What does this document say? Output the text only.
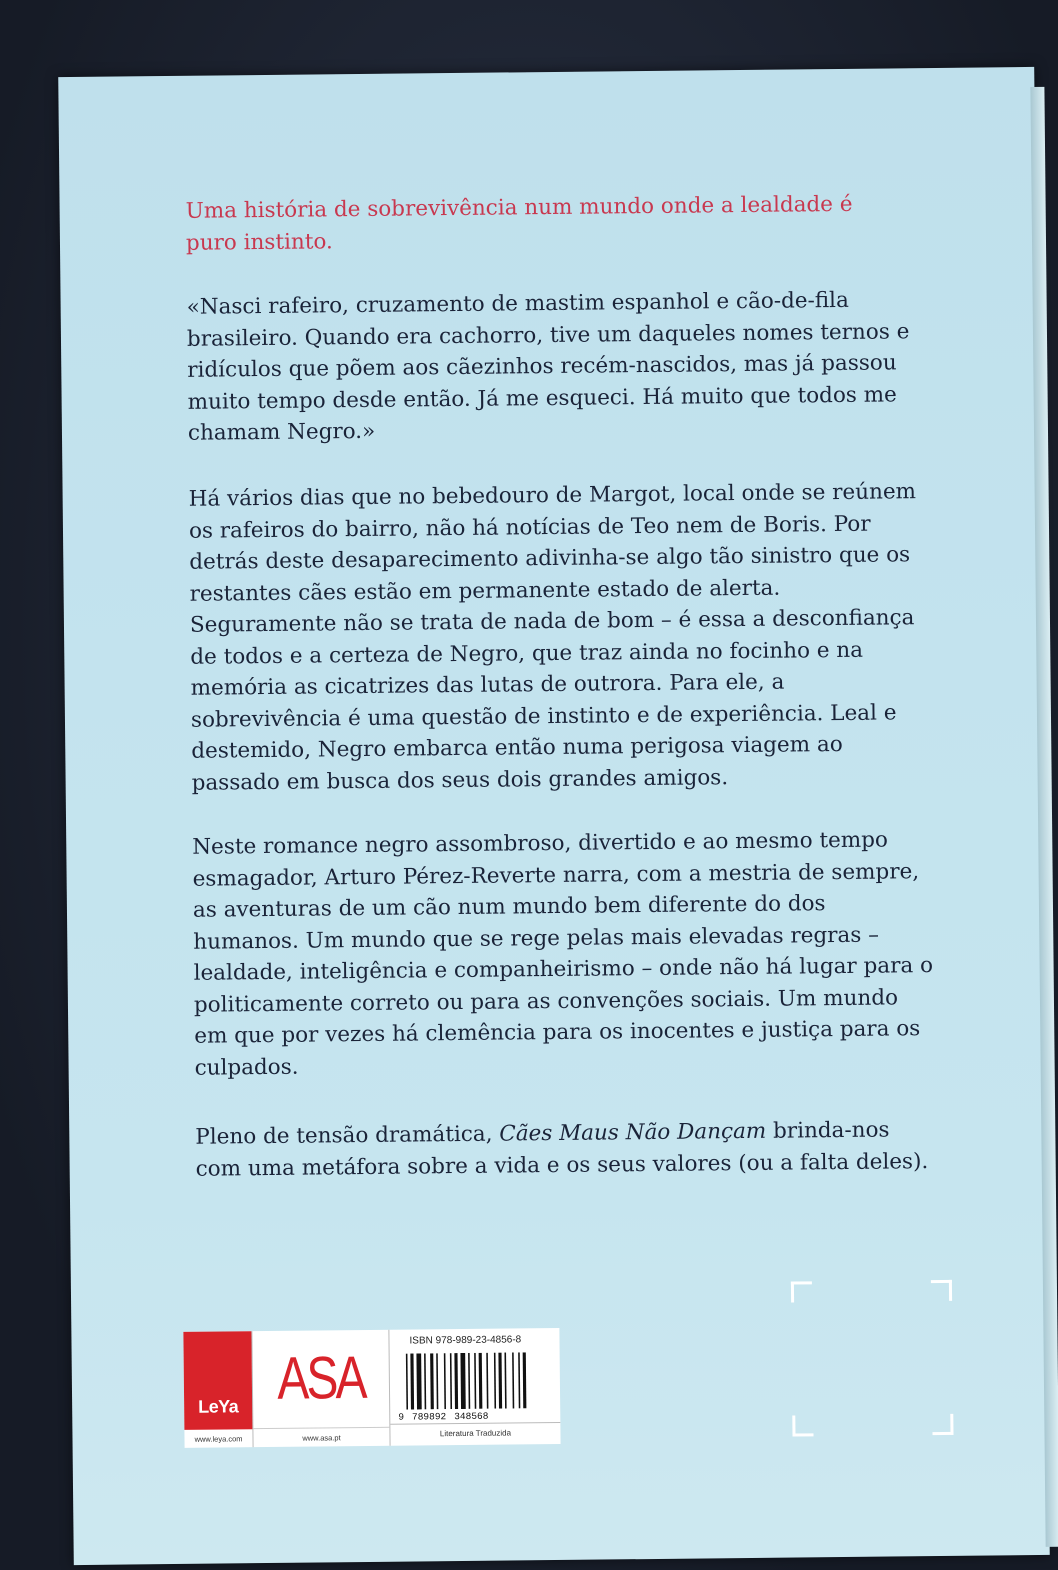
Uma história de sobrevivência num mundo onde a lealdade é puro instinto.

«Nasci rafeiro, cruzamento de mastim espanhol e cão-de-fila brasileiro. Quando era cachorro, tive um daqueles nomes ternos e ridículos que põem aos cãezinhos recém-nascidos, mas já passou muito tempo desde então. Já me esqueci. Há muito que todos me chamam Negro.»

Há vários dias que no bebedouro de Margot, local onde se reúnem os rafeiros do bairro, não há notícias de Teo nem de Boris. Por detrás deste desaparecimento adivinha-se algo tão sinistro que os restantes cães estão em permanente estado de alerta. Seguramente não se trata de nada de bom – é essa a desconfiança de todos e a certeza de Negro, que traz ainda no focinho e na memória as cicatrizes das lutas de outrora. Para ele, a sobrevivência é uma questão de instinto e de experiência. Leal e destemido, Negro embarca então numa perigosa viagem ao passado em busca dos seus dois grandes amigos.

Neste romance negro assombroso, divertido e ao mesmo tempo esmagador, Arturo Pérez-Reverte narra, com a mestria de sempre, as aventuras de um cão num mundo bem diferente do dos humanos. Um mundo que se rege pelas mais elevadas regras – lealdade, inteligência e companheirismo – onde não há lugar para o politicamente correto ou para as convenções sociais. Um mundo em que por vezes há clemência para os inocentes e justiça para os culpados.

Pleno de tensão dramática, Cães Maus Não Dançam brinda-nos com uma metáfora sobre a vida e os seus valores (ou a falta deles).

LeYa
www.leya.com
ASA
www.asa.pt
ISBN 978-989-23-4856-8
9 789892 348568
Literatura Traduzida
